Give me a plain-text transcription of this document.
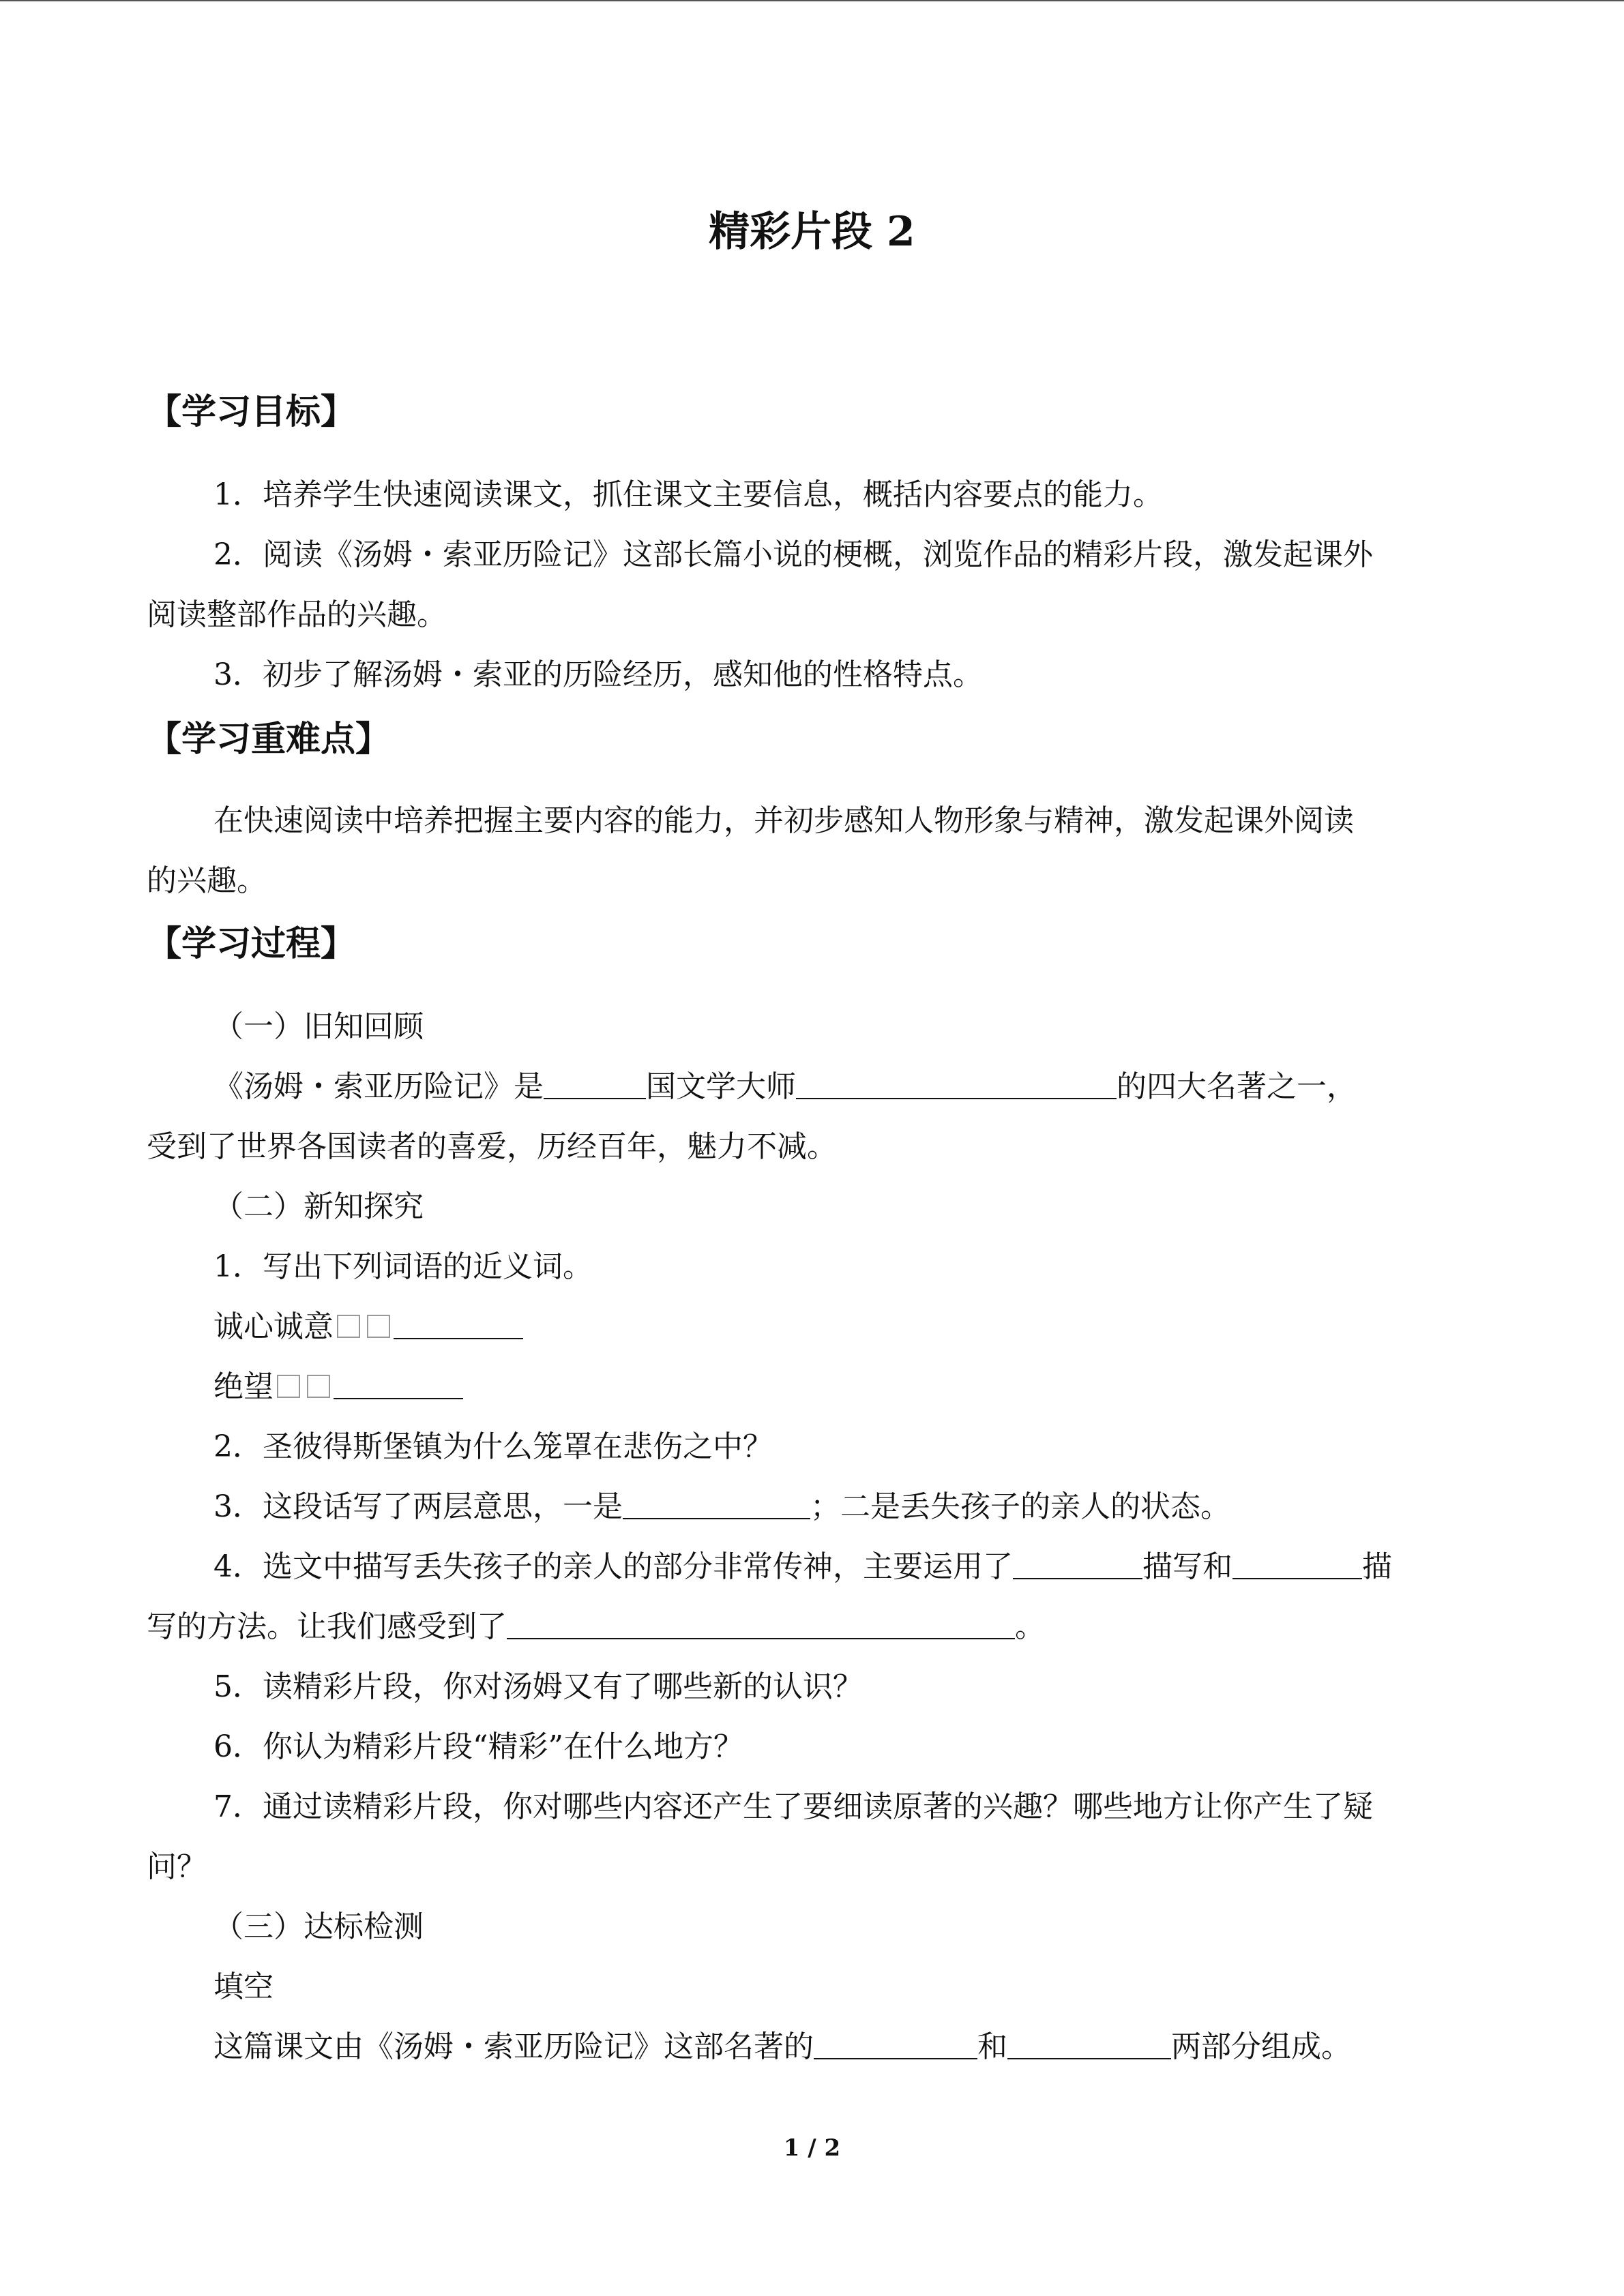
精彩片段 2
【学习目标】
1．培养学生快速阅读课文，抓住课文主要信息，概括内容要点的能力。
2．阅读《汤姆・索亚历险记》这部长篇小说的梗概，浏览作品的精彩片段，激发起课外
阅读整部作品的兴趣。
3．初步了解汤姆・索亚的历险经历，感知他的性格特点。
【学习重难点】
在快速阅读中培养把握主要内容的能力，并初步感知人物形象与精神，激发起课外阅读
的兴趣。
【学习过程】
（一）旧知回顾
《汤姆・索亚历险记》是	国文学大师	的四大名著之一，
受到了世界各国读者的喜爱，历经百年，魅力不减。
（二）新知探究
1．写出下列词语的近义词。
诚心诚意
绝望
2．圣彼得斯堡镇为什么笼罩在悲伤之中？
3．这段话写了两层意思，一是	；二是丢失孩子的亲人的状态。
4．选文中描写丢失孩子的亲人的部分非常传神，主要运用了	描写和	描
写的方法。让我们感受到了	。
5．读精彩片段，你对汤姆又有了哪些新的认识？
6．你认为精彩片段“精彩”在什么地方？
7．通过读精彩片段，你对哪些内容还产生了要细读原著的兴趣？哪些地方让你产生了疑
问？
（三）达标检测
填空
这篇课文由《汤姆・索亚历险记》这部名著的	和	两部分组成。
1 / 2
